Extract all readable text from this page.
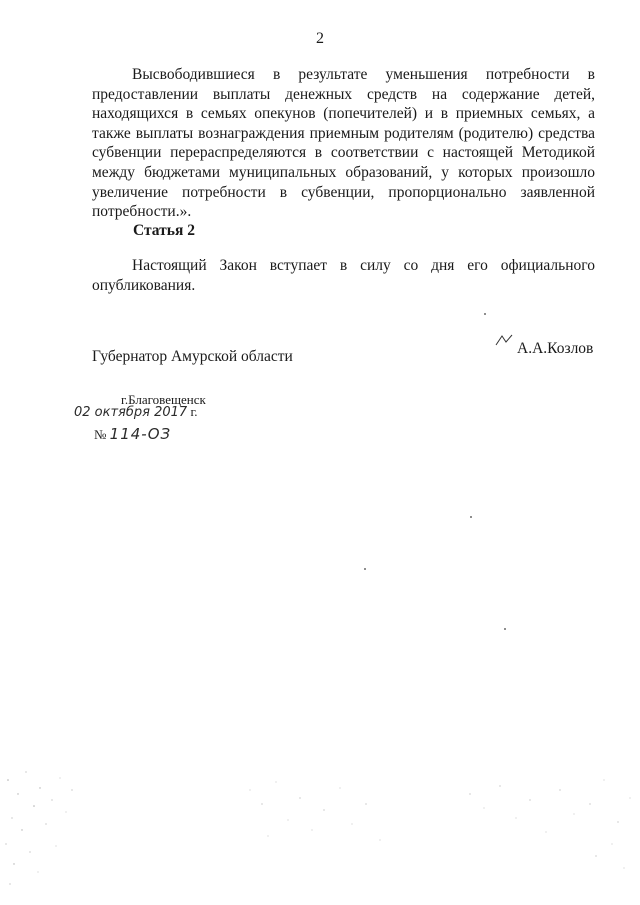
2

Высвободившиеся в результате уменьшения потребности в предоставлении выплаты денежных средств на содержание детей, находящихся в семьях опекунов (попечителей) и в приемных семьях, а также выплаты вознаграждения приемным родителям (родителю) средства субвенции перераспределяются в соответствии с настоящей Методикой между бюджетами муниципальных образований, у которых произошло увеличение потребности в субвенции, пропорционально заявленной потребности.».

Статья 2

Настоящий Закон вступает в силу со дня его официального опубликования.

Губернатор Амурской области	А.А.Козлов
г.Благовещенск
02 октября 2017 г.
№ 114-ОЗ
